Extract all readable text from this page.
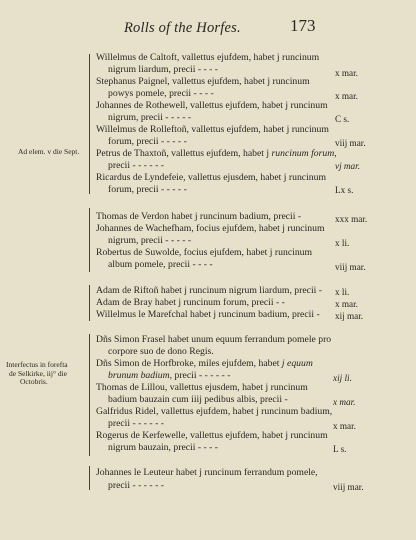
Rolls of the Horfes.	173
Ad elem. v die Sept.
Interfectus in forefta
de Selkirke, iij° die
Octobris.
Willelmus de Caltoft, vallettus ejufdem, habet j runcinum
nigrum liardum, precii - - - -	x mar.
Stephanus Paignel, vallettus ejufdem, habet j runcinum
powys pomele, precii - - - -	x mar.
Johannes de Rothewell, vallettus ejufdem, habet j runcinum
nigrum, precii - - - - -	C s.
Willelmus de Rolleftoñ, vallettus ejufdem, habet j runcinum
forum, precii - - - - -	viij mar.
Petrus de Thaxtoñ, vallettus ejufdem, habet j runcinum forum,
precii - - - - - -	vj mar.
Ricardus de Lyndefeie, vallettus ejusdem, habet j runcinum
forum, precii - - - - -	Lx s.
Thomas de Verdon habet j runcinum badium, precii -	xxx mar.
Johannes de Wachefham, focius ejufdem, habet j runcinum
nigrum, precii - - - - -	x li.
Robertus de Suwolde, focius ejufdem, habet j runcinum
album pomele, precii - - - -	viij mar.
Adam de Riftoñ habet j runcinum nigrum liardum, precii - x li.
Adam de Bray habet j runcinum forum, precii - -	x mar.
Willelmus le Marefchal habet j runcinum badium, precii - xij mar.
Dñs Simon Frasel habet unum equum ferrandum pomele pro
corpore suo de dono Regis.
Dñs Simon de Horfbroke, miles ejufdem, habet j equum
brunum badium, precii - - - - - -	xij li.
Thomas de Lillou, vallettus ejusdem, habet j runcinum
badium bauzain cum iiij pedibus albis, precii -	x mar.
Galfridus Ridel, vallettus ejufdem, habet j runcinum badium,
precii - - - - - -	x mar.
Rogerus de Kerfewelle, vallettus ejufdem, habet j runcinum
nigrum bauzain, precii - - - -	L s.
Johannes le Leuteur habet j runcinum ferrandum pomele,
precii - - - - - -	viij mar.
